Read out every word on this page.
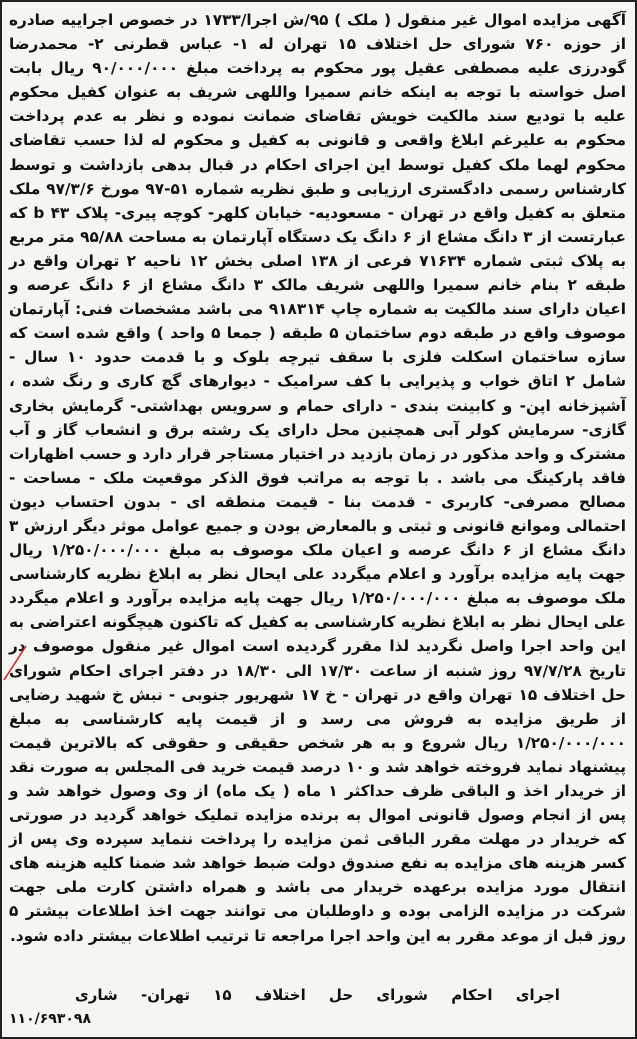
آگهی مزایده اموال غیر منقول ( ملک ) ۹۵/ش اجرا/۱۷۳۳ در خصوص اجراییه صادره از حوزه ۷۶۰ شورای حل اختلاف ۱۵ تهران له ۱- عباس قطرنی ۲- محمدرضا گودرزی علیه مصطفی عقیل پور محکوم به پرداخت مبلغ ۹۰/۰۰۰/۰۰۰ ریال بابت اصل خواسته با توجه به اینکه خانم سمیرا واللهی شریف به عنوان کفیل محکوم علیه با تودیع سند مالکیت خویش تقاضای ضمانت نموده و نظر به عدم پرداخت محکوم به علیرغم ابلاغ واقعی و قانونی به کفیل و محکوم له لذا حسب تقاضای محکوم لهما ملک کفیل توسط این اجرای احکام در قبال بدهی بازداشت و توسط کارشناس رسمی دادگستری ارزیابی و طبق نظریه شماره ۵۱-۹۷ مورخ ۹۷/۳/۶ ملک متعلق به کفیل واقع در تهران - مسعودیه- خیابان کلهر- کوچه پیری- پلاک ۴۳ b که عبارتست از ۳ دانگ مشاع از ۶ دانگ یک دستگاه آپارتمان به مساحت ۹۵/۸۸ متر مربع به پلاک ثبتی شماره ۷۱۶۳۴ فرعی از ۱۳۸ اصلی بخش ۱۲ ناحیه ۲ تهران واقع در طبقه ۲ بنام خانم سمیرا واللهی شریف مالک ۳ دانگ مشاع از ۶ دانگ عرصه و اعیان دارای سند مالکیت به شماره چاپ ۹۱۸۳۱۴ می باشد مشخصات فنی: آپارتمان موصوف واقع در طبقه دوم ساختمان ۵ طبقه ( جمعا ۵ واحد ) واقع شده است که سازه ساختمان اسکلت فلزی با سقف تیرچه بلوک و با قدمت حدود ۱۰ سال - شامل ۲ اتاق خواب و پذیرایی با کف سرامیک - دیوارهای گچ کاری و رنگ شده ، آشپزخانه اپن- و کابینت بندی - دارای حمام و سرویس بهداشتی- گرمایش بخاری گازی- سرمایش کولر آبی همچنین محل دارای یک رشته برق و انشعاب گاز و آب مشترک و واحد مذکور در زمان بازدید در اختیار مستاجر قرار دارد و حسب اظهارات فاقد پارکینگ می باشد . با توجه به مراتب فوق الذکر موقعیت ملک - مساحت - مصالح مصرفی- کاربری - قدمت بنا - قیمت منطقه ای - بدون احتساب دیون احتمالی وموانع قانونی و ثبتی و بالمعارض بودن و جمیع عوامل موثر دیگر ارزش ۳ دانگ مشاع از ۶ دانگ عرصه و اعیان ملک موصوف به مبلغ ۱/۲۵۰/۰۰۰/۰۰۰ ریال جهت پایه مزایده برآورد و اعلام میگردد علی ایحال نظر به ابلاغ نظریه کارشناسی ملک موصوف به مبلغ ۱/۲۵۰/۰۰۰/۰۰۰ ریال جهت پایه مزایده برآورد و اعلام میگردد علی ایحال نظر به ابلاغ نظریه کارشناسی به کفیل که تاکنون هیچگونه اعتراضی به این واحد اجرا واصل نگردید لذا مقرر گردیده است اموال غیر منقول موصوف در تاریخ ۹۷/۷/۲۸ روز شنبه از ساعت ۱۷/۳۰ الی ۱۸/۳۰ در دفتر اجرای احکام شورای حل اختلاف ۱۵ تهران واقع در تهران - خ ۱۷ شهریور جنوبی - نبش خ شهید رضایی از طریق مزایده به فروش می رسد و از قیمت پایه کارشناسی به مبلغ ۱/۲۵۰/۰۰۰/۰۰۰ ریال شروع و به هر شخص حقیقی و حقوقی که بالاترین قیمت پیشنهاد نماید فروخته خواهد شد و ۱۰ درصد قیمت خرید فی المجلس به صورت نقد از خریدار اخذ و الباقی ظرف حداکثر ۱ ماه ( یک ماه) از وی وصول خواهد شد و پس از انجام وصول قانونی اموال به برنده مزایده تملیک خواهد گردید در صورتی که خریدار در مهلت مقرر الباقی ثمن مزایده را پرداخت ننماید سپرده وی پس از کسر هزینه های مزایده به نفع صندوق دولت ضبط خواهد شد ضمنا کلیه هزینه های انتقال مورد مزایده برعهده خریدار می باشد و همراه داشتن کارت ملی جهت شرکت در مزایده الزامی بوده و داوطلبان می توانند جهت اخذ اطلاعات بیشتر ۵ روز قبل از موعد مقرر به این واحد اجرا مراجعه تا ترتیب اطلاعات بیشتر داده شود.
اجرای احکام شورای حل اختلاف ۱۵ تهران- شاری
۱۱۰/۶۹۳۰۹۸
